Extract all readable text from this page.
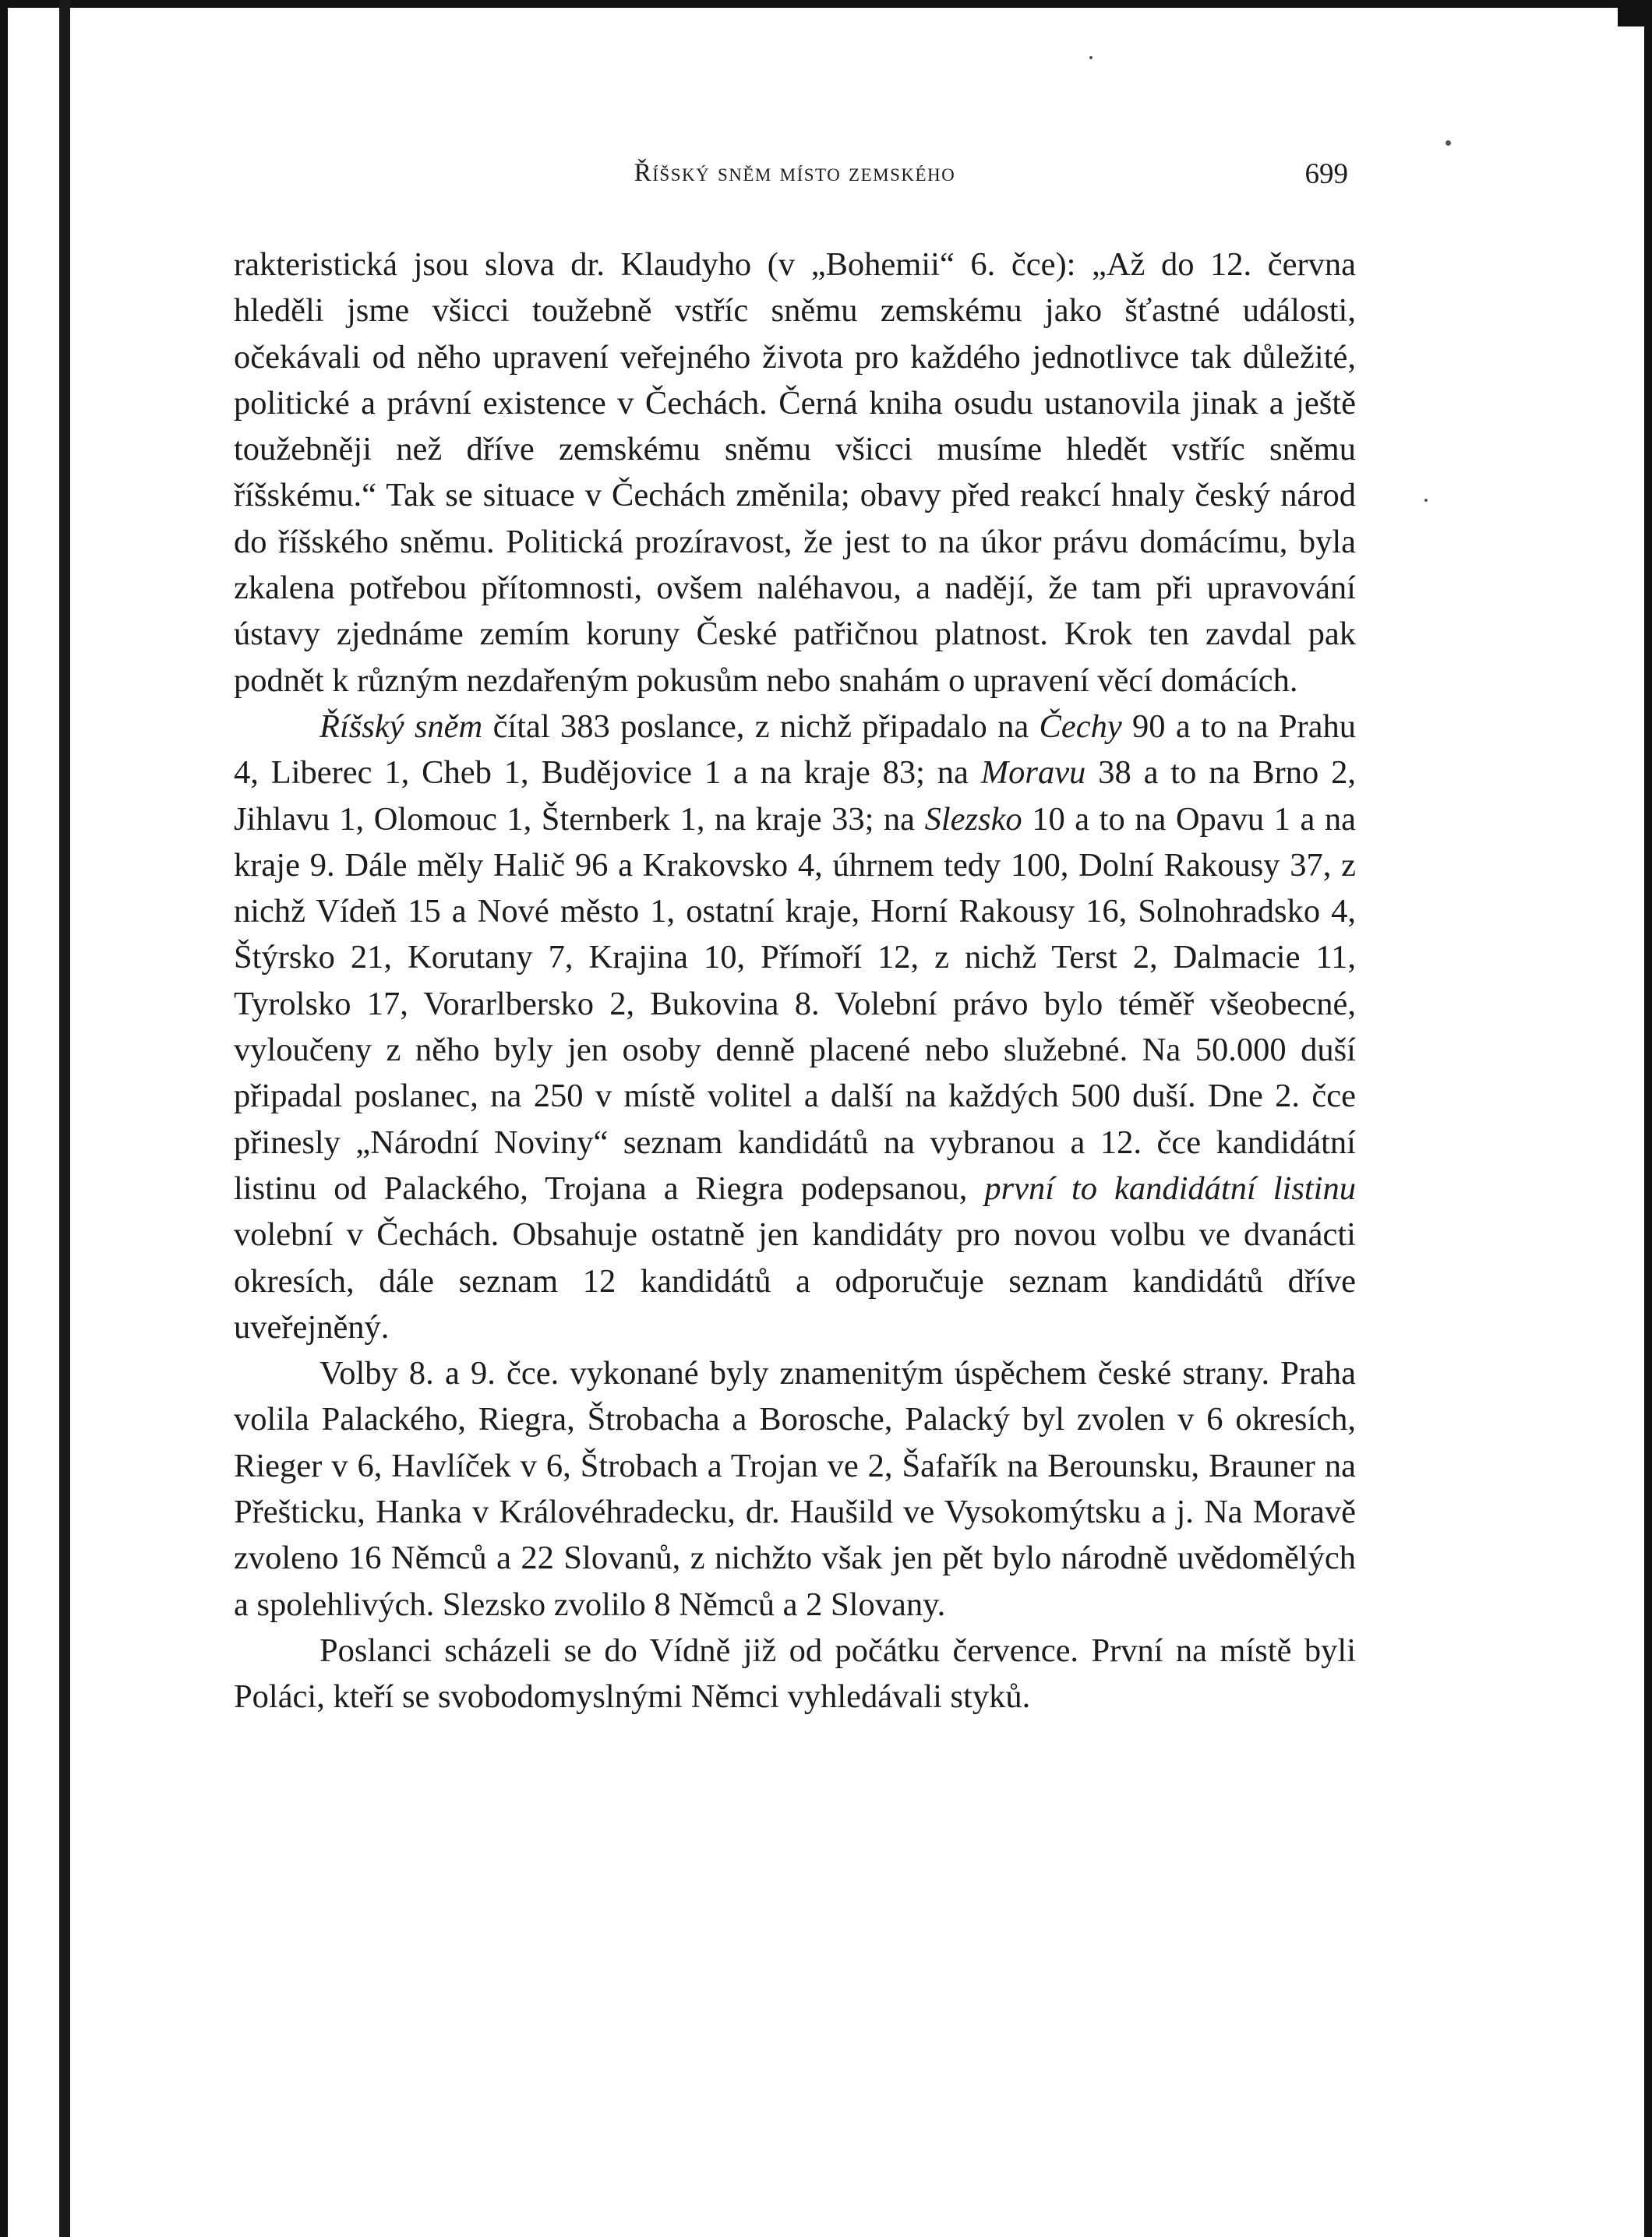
Říšský sněm místo zemského	699

rakteristická jsou slova dr. Klaudyho (v „Bohemii“ 6. čce): „Až do 12. června hleděli jsme všicci toužebně vstříc sněmu zemskému jako šťastné události, očekávali od něho upravení veřejného života pro každého jednotlivce tak důležité, politické a právní existence v Čechách. Černá kniha osudu ustanovila jinak a ještě toužebněji než dříve zemskému sněmu všicci musíme hledět vstříc sněmu říšskému.“ Tak se situace v Čechách změnila; obavy před reakcí hnaly český národ do říšského sněmu. Politická prozíravost, že jest to na úkor právu domácímu, byla zkalena potřebou přítomnosti, ovšem naléhavou, a nadějí, že tam při upravování ústavy zjednáme zemím koruny České patřičnou platnost. Krok ten zavdal pak podnět k různým nezdařeným pokusům nebo snahám o upravení věcí domácích.

Říšský sněm čítal 383 poslance, z nichž připadalo na Čechy 90 a to na Prahu 4, Liberec 1, Cheb 1, Budějovice 1 a na kraje 83; na Moravu 38 a to na Brno 2, Jihlavu 1, Olomouc 1, Šternberk 1, na kraje 33; na Slezsko 10 a to na Opavu 1 a na kraje 9. Dále měly Halič 96 a Krakovsko 4, úhrnem tedy 100, Dolní Rakousy 37, z nichž Vídeň 15 a Nové město 1, ostatní kraje, Horní Rakousy 16, Solnohradsko 4, Štýrsko 21, Korutany 7, Krajina 10, Přímoří 12, z nichž Terst 2, Dalmacie 11, Tyrolsko 17, Vorarlbersko 2, Bukovina 8. Volební právo bylo téměř všeobecné, vyloučeny z něho byly jen osoby denně placené nebo služebné. Na 50.000 duší připadal poslanec, na 250 v místě volitel a další na každých 500 duší. Dne 2. čce přinesly „Národní Noviny“ seznam kandidátů na vybranou a 12. čce kandidátní listinu od Palackého, Trojana a Riegra podepsanou, první to kandidátní listinu volební v Čechách. Obsahuje ostatně jen kandidáty pro novou volbu ve dvanácti okresích, dále seznam 12 kandidátů a odporučuje seznam kandidátů dříve uveřejněný.

Volby 8. a 9. čce. vykonané byly znamenitým úspěchem české strany. Praha volila Palackého, Riegra, Štrobacha a Borosche, Palacký byl zvolen v 6 okresích, Rieger v 6, Havlíček v 6, Štrobach a Trojan ve 2, Šafařík na Berounsku, Brauner na Přešticku, Hanka v Královéhradecku, dr. Haušild ve Vysokomýtsku a j. Na Moravě zvoleno 16 Němců a 22 Slovanů, z nichžto však jen pět bylo národně uvědomělých a spolehlivých. Slezsko zvolilo 8 Němců a 2 Slovany.

Poslanci scházeli se do Vídně již od počátku července. První na místě byli Poláci, kteří se svobodomyslnými Němci vyhledávali styků.
